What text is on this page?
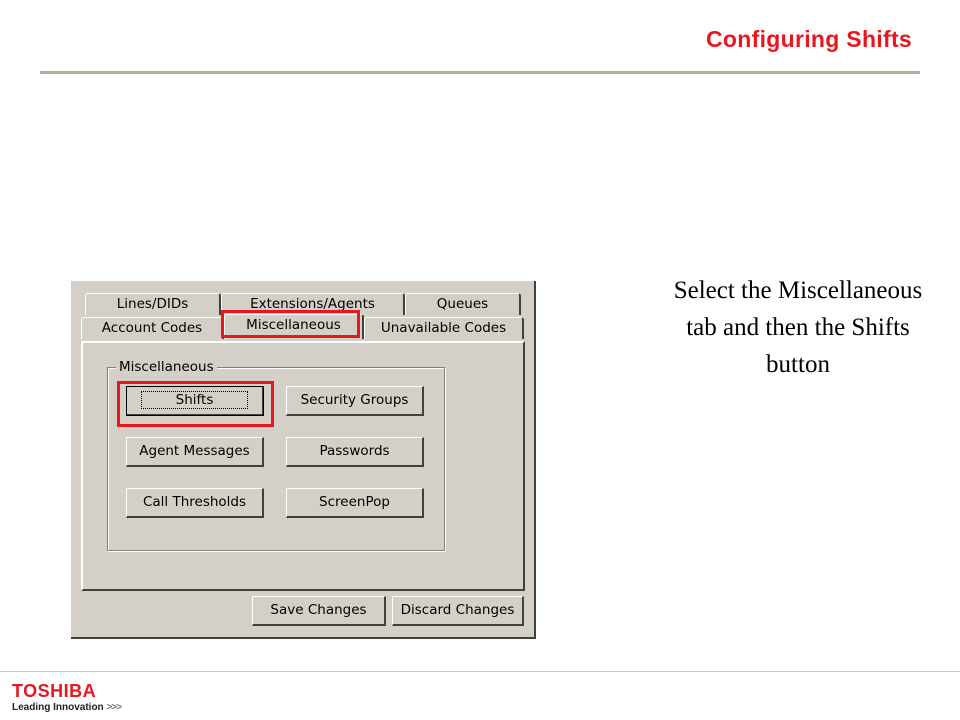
Configuring Shifts
Lines/DIDs	Extensions/Agents	Queues
Account Codes	Miscellaneous	Unavailable Codes
Miscellaneous
Shifts	Security Groups
Agent Messages	Passwords
Call Thresholds	ScreenPop
Save Changes	Discard Changes
Select the Miscellaneous tab and then the Shifts button
TOSHIBA
Leading Innovation >>>
